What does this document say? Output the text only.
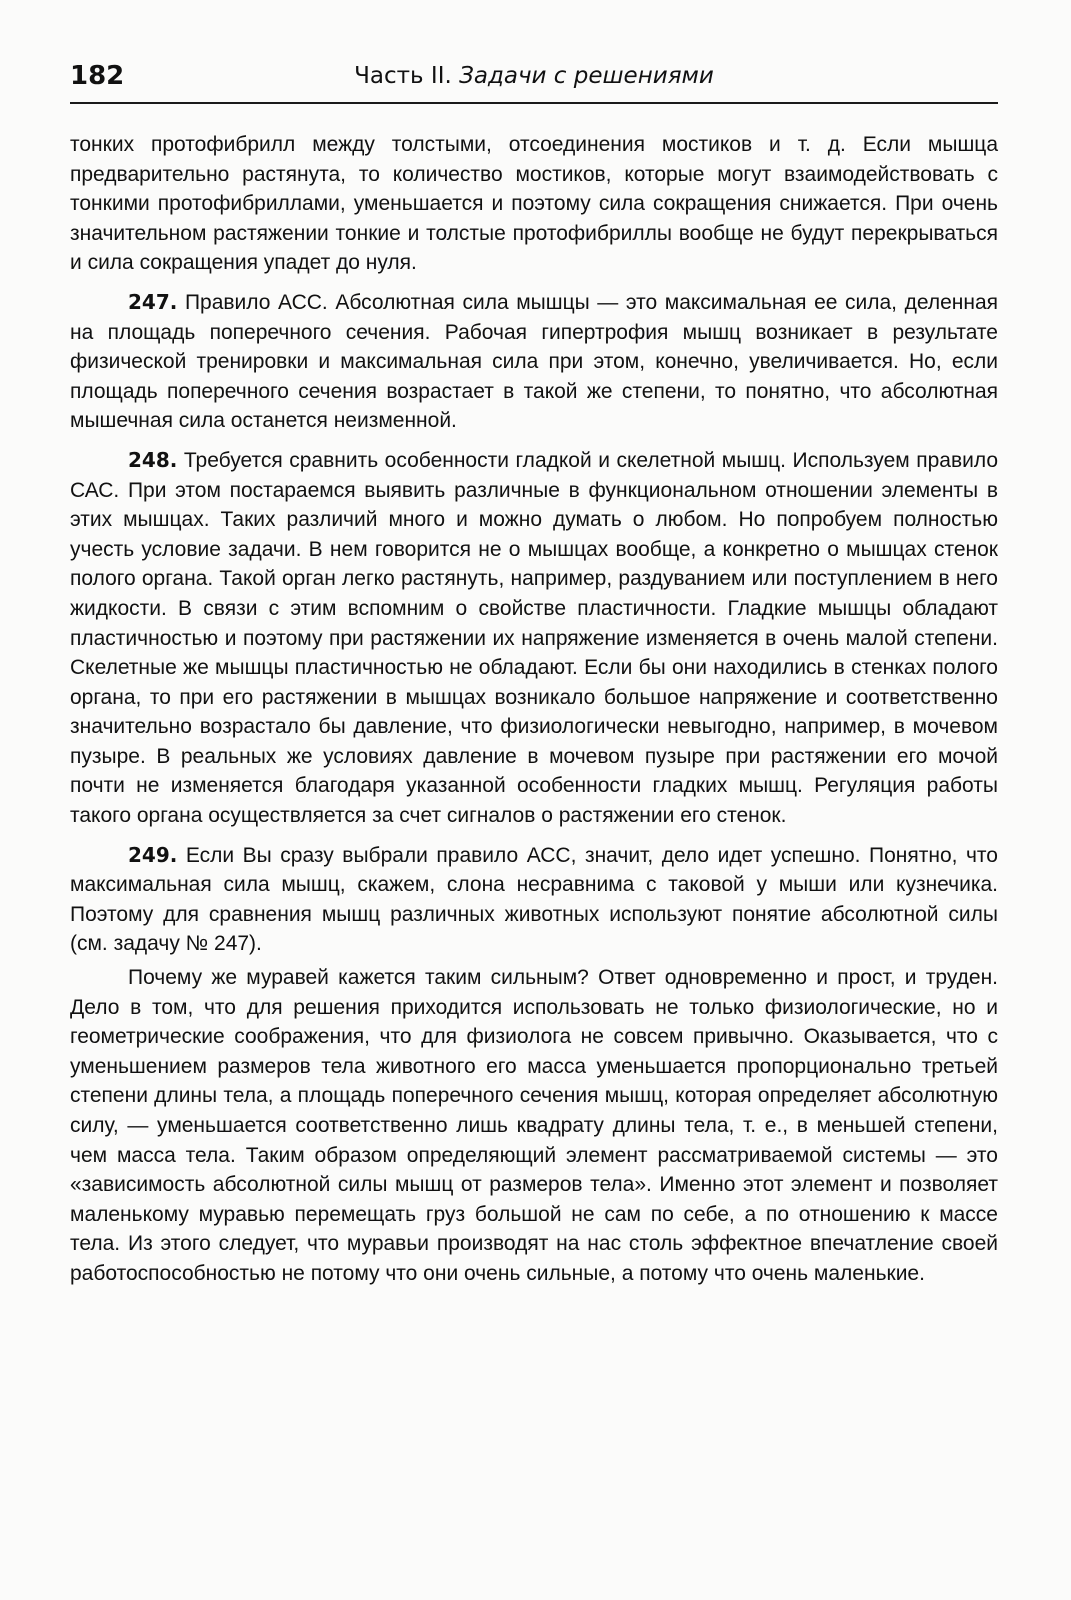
182	Часть II. Задачи с решениями

тонких протофибрилл между толстыми, отсоединения мостиков и т. д. Если мышца предварительно растянута, то количество мостиков, которые могут взаимодействовать с тонкими протофибриллами, уменьшается и поэтому сила сокращения снижается. При очень значительном растяжении тонкие и толстые протофибриллы вообще не будут перекрываться и сила сокращения упадет до нуля.

247. Правило АСС. Абсолютная сила мышцы — это максимальная ее сила, деленная на площадь поперечного сечения. Рабочая гипертрофия мышц возникает в результате физической тренировки и максимальная сила при этом, конечно, увеличивается. Но, если площадь поперечного сечения возрастает в такой же степени, то понятно, что абсолютная мышечная сила останется неизменной.

248. Требуется сравнить особенности гладкой и скелетной мышц. Используем правило САС. При этом постараемся выявить различные в функциональном отношении элементы в этих мышцах. Таких различий много и можно думать о любом. Но попробуем полностью учесть условие задачи. В нем говорится не о мышцах вообще, а конкретно о мышцах стенок полого органа. Такой орган легко растянуть, например, раздуванием или поступлением в него жидкости. В связи с этим вспомним о свойстве пластичности. Гладкие мышцы обладают пластичностью и поэтому при растяжении их напряжение изменяется в очень малой степени. Скелетные же мышцы пластичностью не обладают. Если бы они находились в стенках полого органа, то при его растяжении в мышцах возникало большое напряжение и соответственно значительно возрастало бы давление, что физиологически невыгодно, например, в мочевом пузыре. В реальных же условиях давление в мочевом пузыре при растяжении его мочой почти не изменяется благодаря указанной особенности гладких мышц. Регуляция работы такого органа осуществляется за счет сигналов о растяжении его стенок.

249. Если Вы сразу выбрали правило АСС, значит, дело идет успешно. Понятно, что максимальная сила мышц, скажем, слона несравнима с таковой у мыши или кузнечика. Поэтому для сравнения мышц различных животных используют понятие абсолютной силы (см. задачу № 247).

Почему же муравей кажется таким сильным? Ответ одновременно и прост, и труден. Дело в том, что для решения приходится использовать не только физиологические, но и геометрические соображения, что для физиолога не совсем привычно. Оказывается, что с уменьшением размеров тела животного его масса уменьшается пропорционально третьей степени длины тела, а площадь поперечного сечения мышц, которая определяет абсолютную силу, — уменьшается соответственно лишь квадрату длины тела, т. е., в меньшей степени, чем масса тела. Таким образом определяющий элемент рассматриваемой системы — это «зависимость абсолютной силы мышц от размеров тела». Именно этот элемент и позволяет маленькому муравью перемещать груз большой не сам по себе, а по отношению к массе тела. Из этого следует, что муравьи производят на нас столь эффектное впечатление своей работоспособностью не потому что они очень сильные, а потому что очень маленькие.
